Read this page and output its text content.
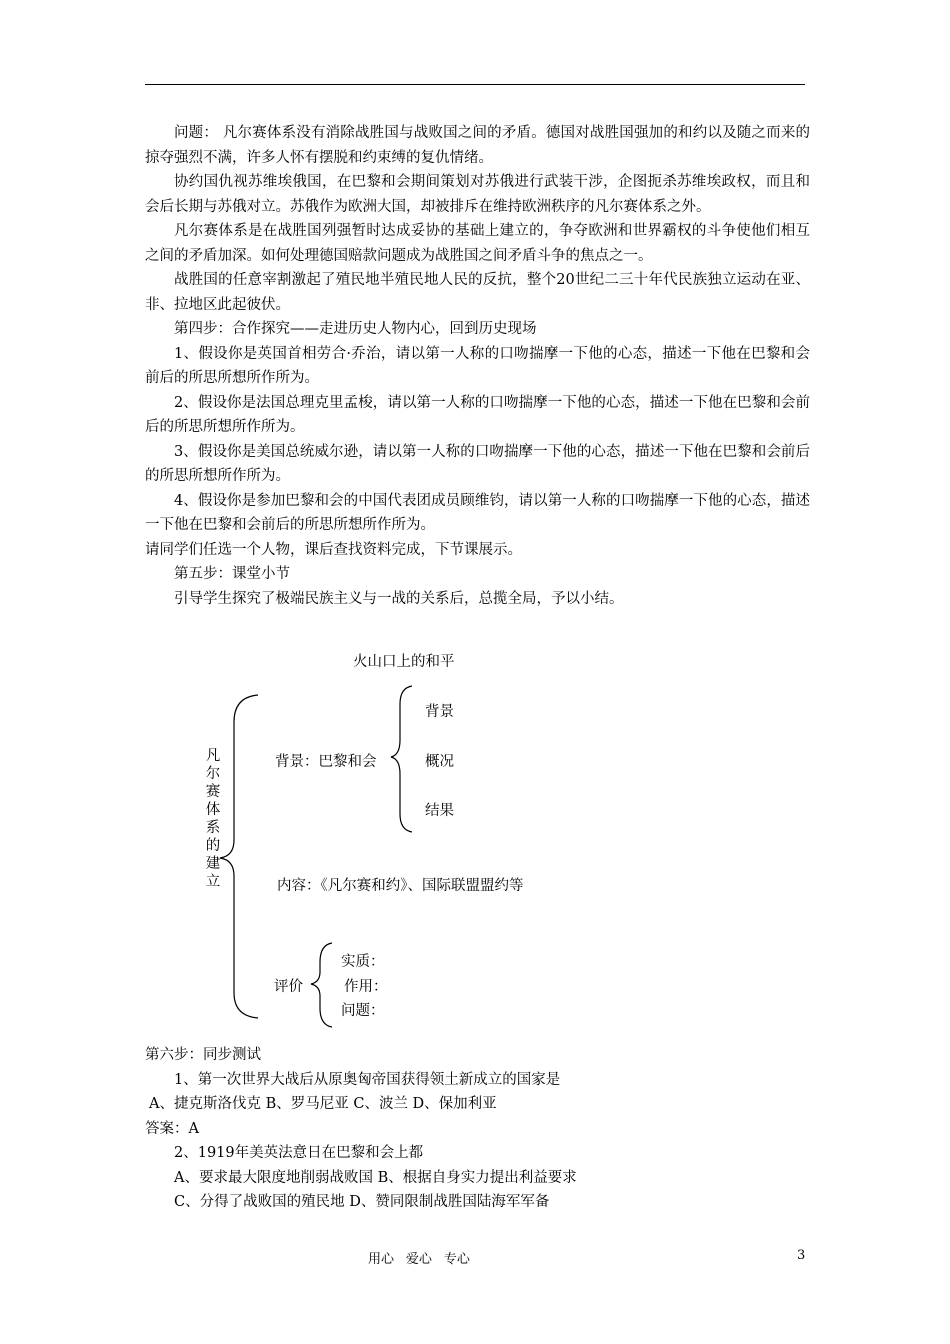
问题： 凡尔赛体系没有消除战胜国与战败国之间的矛盾。德国对战胜国强加的和约以及随之而来的掠夺强烈不满，许多人怀有摆脱和约束缚的复仇情绪。

协约国仇视苏维埃俄国，在巴黎和会期间策划对苏俄进行武装干涉，企图扼杀苏维埃政权，而且和会后长期与苏俄对立。苏俄作为欧洲大国，却被排斥在维持欧洲秩序的凡尔赛体系之外。

凡尔赛体系是在战胜国列强暂时达成妥协的基础上建立的，争夺欧洲和世界霸权的斗争使他们相互之间的矛盾加深。如何处理德国赔款问题成为战胜国之间矛盾斗争的焦点之一。

战胜国的任意宰割激起了殖民地半殖民地人民的反抗，整个20世纪二三十年代民族独立运动在亚、非、拉地区此起彼伏。

第四步：合作探究——走进历史人物内心，回到历史现场

1、假设你是英国首相劳合·乔治，请以第一人称的口吻揣摩一下他的心态，描述一下他在巴黎和会前后的所思所想所作所为。

2、假设你是法国总理克里孟梭，请以第一人称的口吻揣摩一下他的心态，描述一下他在巴黎和会前后的所思所想所作所为。

3、假设你是美国总统威尔逊，请以第一人称的口吻揣摩一下他的心态，描述一下他在巴黎和会前后的所思所想所作所为。

4、假设你是参加巴黎和会的中国代表团成员顾维钧，请以第一人称的口吻揣摩一下他的心态，描述一下他在巴黎和会前后的所思所想所作所为。

请同学们任选一个人物，课后查找资料完成，下节课展示。

第五步：课堂小节

引导学生探究了极端民族主义与一战的关系后，总揽全局，予以小结。

火山口上的和平
凡
尔
赛
体
系
的
建
立
背景：巴黎和会
背景
概况
结果
内容：《凡尔赛和约》、国际联盟盟约等
评价
实质：
作用：
问题：

第六步：同步测试

1、第一次世界大战后从原奥匈帝国获得领土新成立的国家是

A、捷克斯洛伐克 B、罗马尼亚 C、波兰 D、保加利亚

答案：A

2、1919年美英法意日在巴黎和会上都

A、要求最大限度地削弱战败国 B、根据自身实力提出利益要求

C、分得了战败国的殖民地 D、赞同限制战胜国陆海军军备

用心 爱心 专心	3
